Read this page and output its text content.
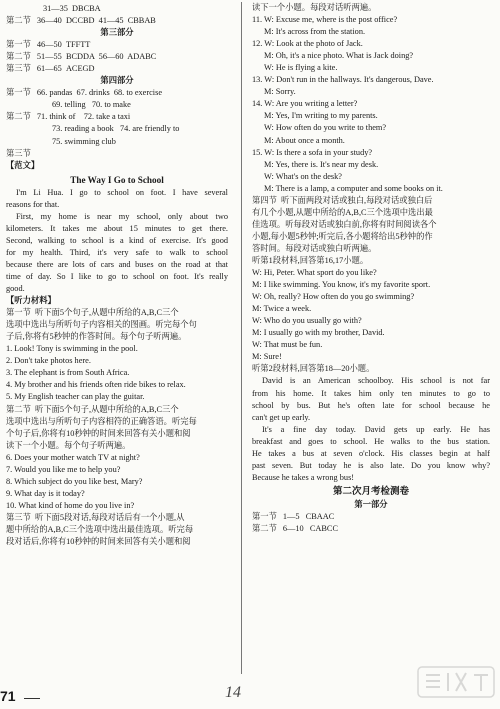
31—35  DBCBA
第二节 36—40  DCCBD  41—45  CBBAB
第三部分
第一节 46—50  TFFTT
第二节 51—55  BCDDA  56—60  ADABC
第三节 61—65  ACEGD
第四部分
第一节 66. pandas  67. drinks  68. to exercise
69. telling   70. to make
第二节 71. think of    72. take a taxi
73. reading a book   74. are friendly to
75. swimming club
第三节
【范文】
The Way I Go to School
I'm Li Hua. I go to school on foot. I have several
reasons for that.
First, my home is near my school, only about two
kilometers. It takes me about 15 minutes to get there.
Second, walking to school is a kind of exercise. It's good
for my health. Third, it's very safe to walk to school
because there are lots of cars and buses on the road at that
time of day. So I like to go to school on foot. It's really
good.
【听力材料】
第一节  听下面5个句子,从题中所给的A,B,C三个
选项中选出与所听句子内容相关的图画。听完每个句
子后,你将有5秒钟的作答时间。每个句子听两遍。
1. Look! Tony is swimming in the pool.
2. Don't take photos here.
3. The elephant is from South Africa.
4. My brother and his friends often ride bikes to relax.
5. My English teacher can play the guitar.
第二节  听下面5个句子,从题中所给的A,B,C三个
选项中选出与所听句子内容相符的正确答语。听完每
个句子后,你将有10秒钟的时间来回答有关小题和阅
读下一个小题。每个句子听两遍。
6. Does your mother watch TV at night?
7. Would you like me to help you?
8. Which subject do you like best, Mary?
9. What day is it today?
10. What kind of home do you live in?
第三节  听下面5段对话,每段对话后有一个小题,从
题中所给的A,B,C三个选项中选出最佳选项。听完每
段对话后,你将有10秒钟的时间来回答有关小题和阅
读下一个小题。每段对话听两遍。
11. W: Excuse me, where is the post office?
M: It's across from the station.
12. W: Look at the photo of Jack.
M: Oh, it's a nice photo. What is Jack doing?
W: He is flying a kite.
13. W: Don't run in the hallways. It's dangerous, Dave.
M: Sorry.
14. W: Are you writing a letter?
M: Yes, I'm writing to my parents.
W: How often do you write to them?
M: About once a month.
15. W: Is there a sofa in your study?
M: Yes, there is. It's near my desk.
W: What's on the desk?
M: There is a lamp, a computer and some books on it.
第四节  听下面两段对话或独白,每段对话或独白后
有几个小题,从题中所给的A,B,C三个选项中选出最
佳选项。听每段对话或独白前,你将有时间阅读各个
小题,每小题5秒钟;听完后,各小题将给出5秒钟的作
答时间。每段对话或独白听两遍。
听第1段材料,回答第16,17小题。
W: Hi, Peter. What sport do you like?
M: I like swimming. You know, it's my favorite sport.
W: Oh, really? How often do you go swimming?
M: Twice a week.
W: Who do you usually go with?
M: I usually go with my brother, David.
W: That must be fun.
M: Sure!
听第2段材料,回答第18—20小题。
David is an American schoolboy. His school is not far
from his home. It takes him only ten minutes to go to
school by bus. But he's often late for school because he
can't get up early.
It's a fine day today. David gets up early. He has
breakfast and goes to school. He walks to the bus station.
He takes a bus at seven o'clock. His classes begin at half
past seven. But today he is also late. Do you know why?
Because he takes a wrong bus!
第二次月考检测卷
第一部分
第一节 1—5   CBAAC
第二节 6—10   CABCC
71	14
